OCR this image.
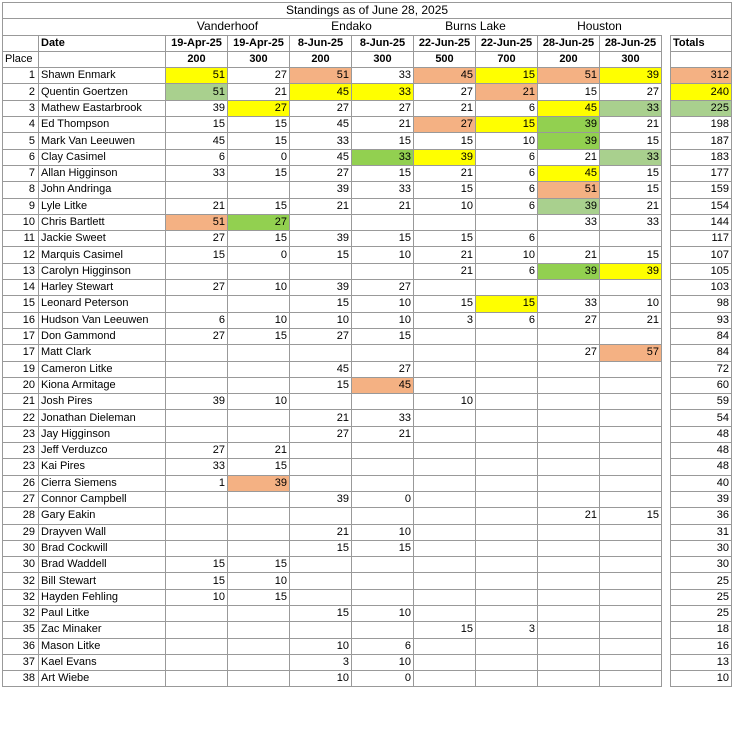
Standings as of June 28, 2025											
		Vanderhoof		Endako		Burns Lake		Houston			
	Date	19-Apr-25	19-Apr-25	8-Jun-25	8-Jun-25	22-Jun-25	22-Jun-25	28-Jun-25	28-Jun-25		Totals
Place		200	300	200	300	500	700	200	300		
1	Shawn Enmark	51	27	51	33	45	15	51	39		312
2	Quentin Goertzen	51	21	45	33	27	21	15	27		240
3	Mathew Eastarbrook	39	27	27	27	21	6	45	33		225
4	Ed Thompson	15	15	45	21	27	15	39	21		198
5	Mark Van Leeuwen	45	15	33	15	15	10	39	15		187
6	Clay Casimel	6	0	45	33	39	6	21	33		183
7	Allan Higginson	33	15	27	15	21	6	45	15		177
8	John Andringa			39	33	15	6	51	15		159
9	Lyle Litke	21	15	21	21	10	6	39	21		154
10	Chris Bartlett	51	27					33	33		144
11	Jackie Sweet	27	15	39	15	15	6				117
12	Marquis Casimel	15	0	15	10	21	10	21	15		107
13	Carolyn Higginson					21	6	39	39		105
14	Harley Stewart	27	10	39	27						103
15	Leonard Peterson			15	10	15	15	33	10		98
16	Hudson Van Leeuwen	6	10	10	10	3	6	27	21		93
17	Don Gammond	27	15	27	15						84
17	Matt Clark							27	57		84
19	Cameron Litke			45	27						72
20	Kiona Armitage			15	45						60
21	Josh Pires	39	10			10					59
22	Jonathan Dieleman			21	33						54
23	Jay Higginson			27	21						48
23	Jeff Verduzco	27	21								48
23	Kai Pires	33	15								48
26	Cierra Siemens	1	39								40
27	Connor Campbell			39	0						39
28	Gary Eakin							21	15		36
29	Drayven Wall			21	10						31
30	Brad Cockwill			15	15						30
30	Brad Waddell	15	15								30
32	Bill Stewart	15	10								25
32	Hayden Fehling	10	15								25
32	Paul Litke			15	10						25
35	Zac Minaker					15	3				18
36	Mason Litke			10	6						16
37	Kael Evans			3	10						13
38	Art Wiebe			10	0						10
